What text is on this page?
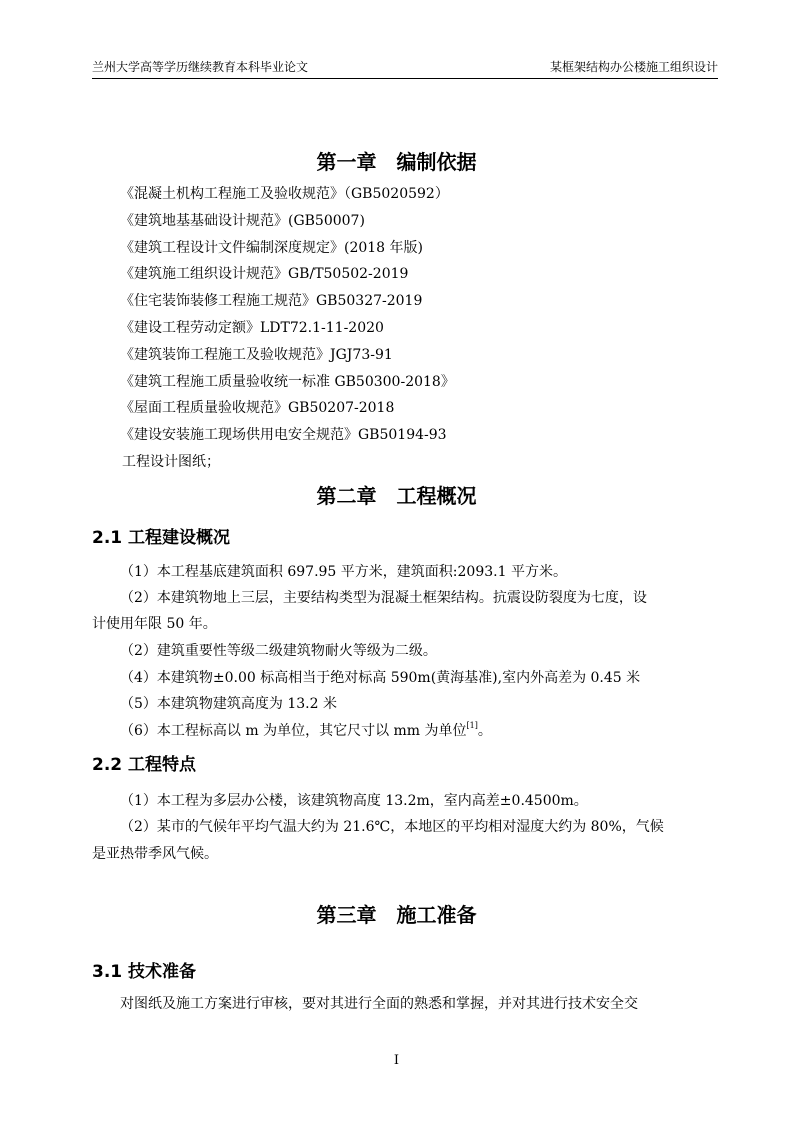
兰州大学高等学历继续教育本科毕业论文	某框架结构办公楼施工组织设计
第一章　编制依据
《混凝土机构工程施工及验收规范》（GB5020592）
《建筑地基基础设计规范》(GB50007)
《建筑工程设计文件编制深度规定》(2018 年版)
《建筑施工组织设计规范》GB/T50502-2019
《住宅装饰装修工程施工规范》GB50327-2019
《建设工程劳动定额》LDT72.1-11-2020
《建筑装饰工程施工及验收规范》JGJ73-91
《建筑工程施工质量验收统一标准 GB50300-2018》
《屋面工程质量验收规范》GB50207-2018
《建设安装施工现场供用电安全规范》GB50194-93
工程设计图纸；
第二章　工程概况
2.1 工程建设概况
（1）本工程基底建筑面积 697.95 平方米，建筑面积:2093.1 平方米。
（2）本建筑物地上三层，主要结构类型为混凝土框架结构。抗震设防裂度为七度，设
计使用年限 50 年。
（2）建筑重要性等级二级建筑物耐火等级为二级。
（4）本建筑物±0.00 标高相当于绝对标高 590m(黄海基准),室内外高差为 0.45 米
（5）本建筑物建筑高度为 13.2 米
（6）本工程标高以 m 为单位，其它尺寸以 mm 为单位[1]。
2.2 工程特点
（1）本工程为多层办公楼，该建筑物高度 13.2m，室内高差±0.4500m。
（2）某市的气候年平均气温大约为 21.6℃，本地区的平均相对湿度大约为 80%，气候
是亚热带季风气候。
第三章　施工准备
3.1 技术准备
对图纸及施工方案进行审核，要对其进行全面的熟悉和掌握，并对其进行技术安全交
I
